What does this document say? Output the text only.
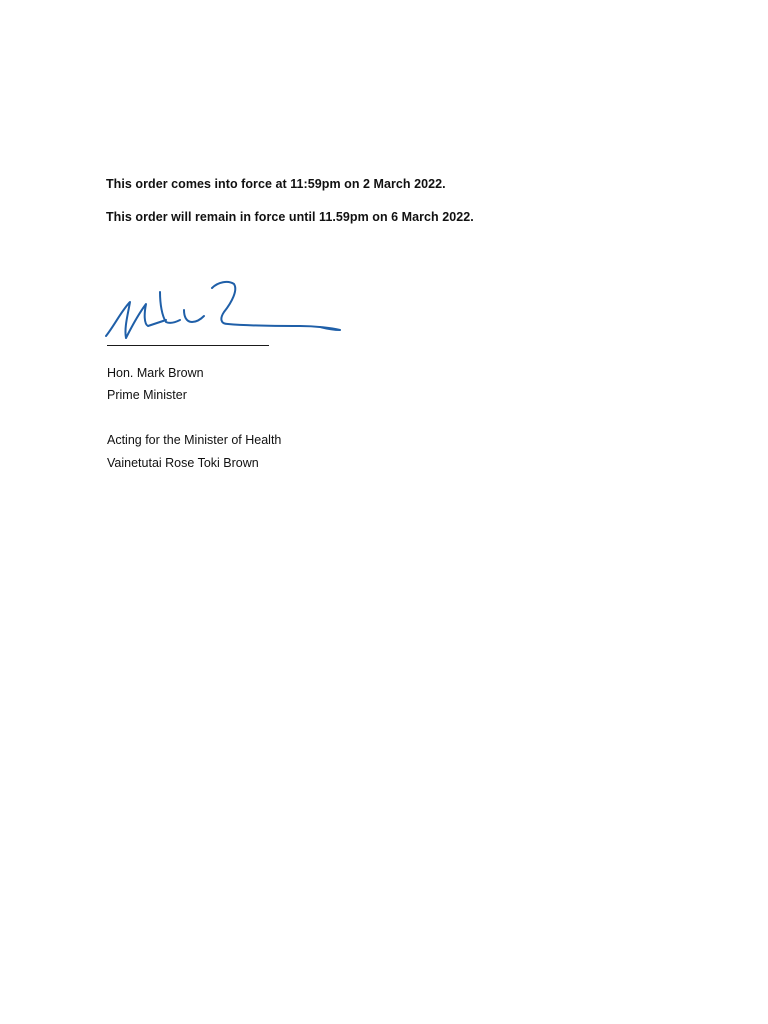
This order comes into force at 11:59pm on 2 March 2022.
This order will remain in force until 11.59pm on 6 March 2022.
Hon. Mark Brown
Prime Minister
Acting for the Minister of Health
Vainetutai Rose Toki Brown
